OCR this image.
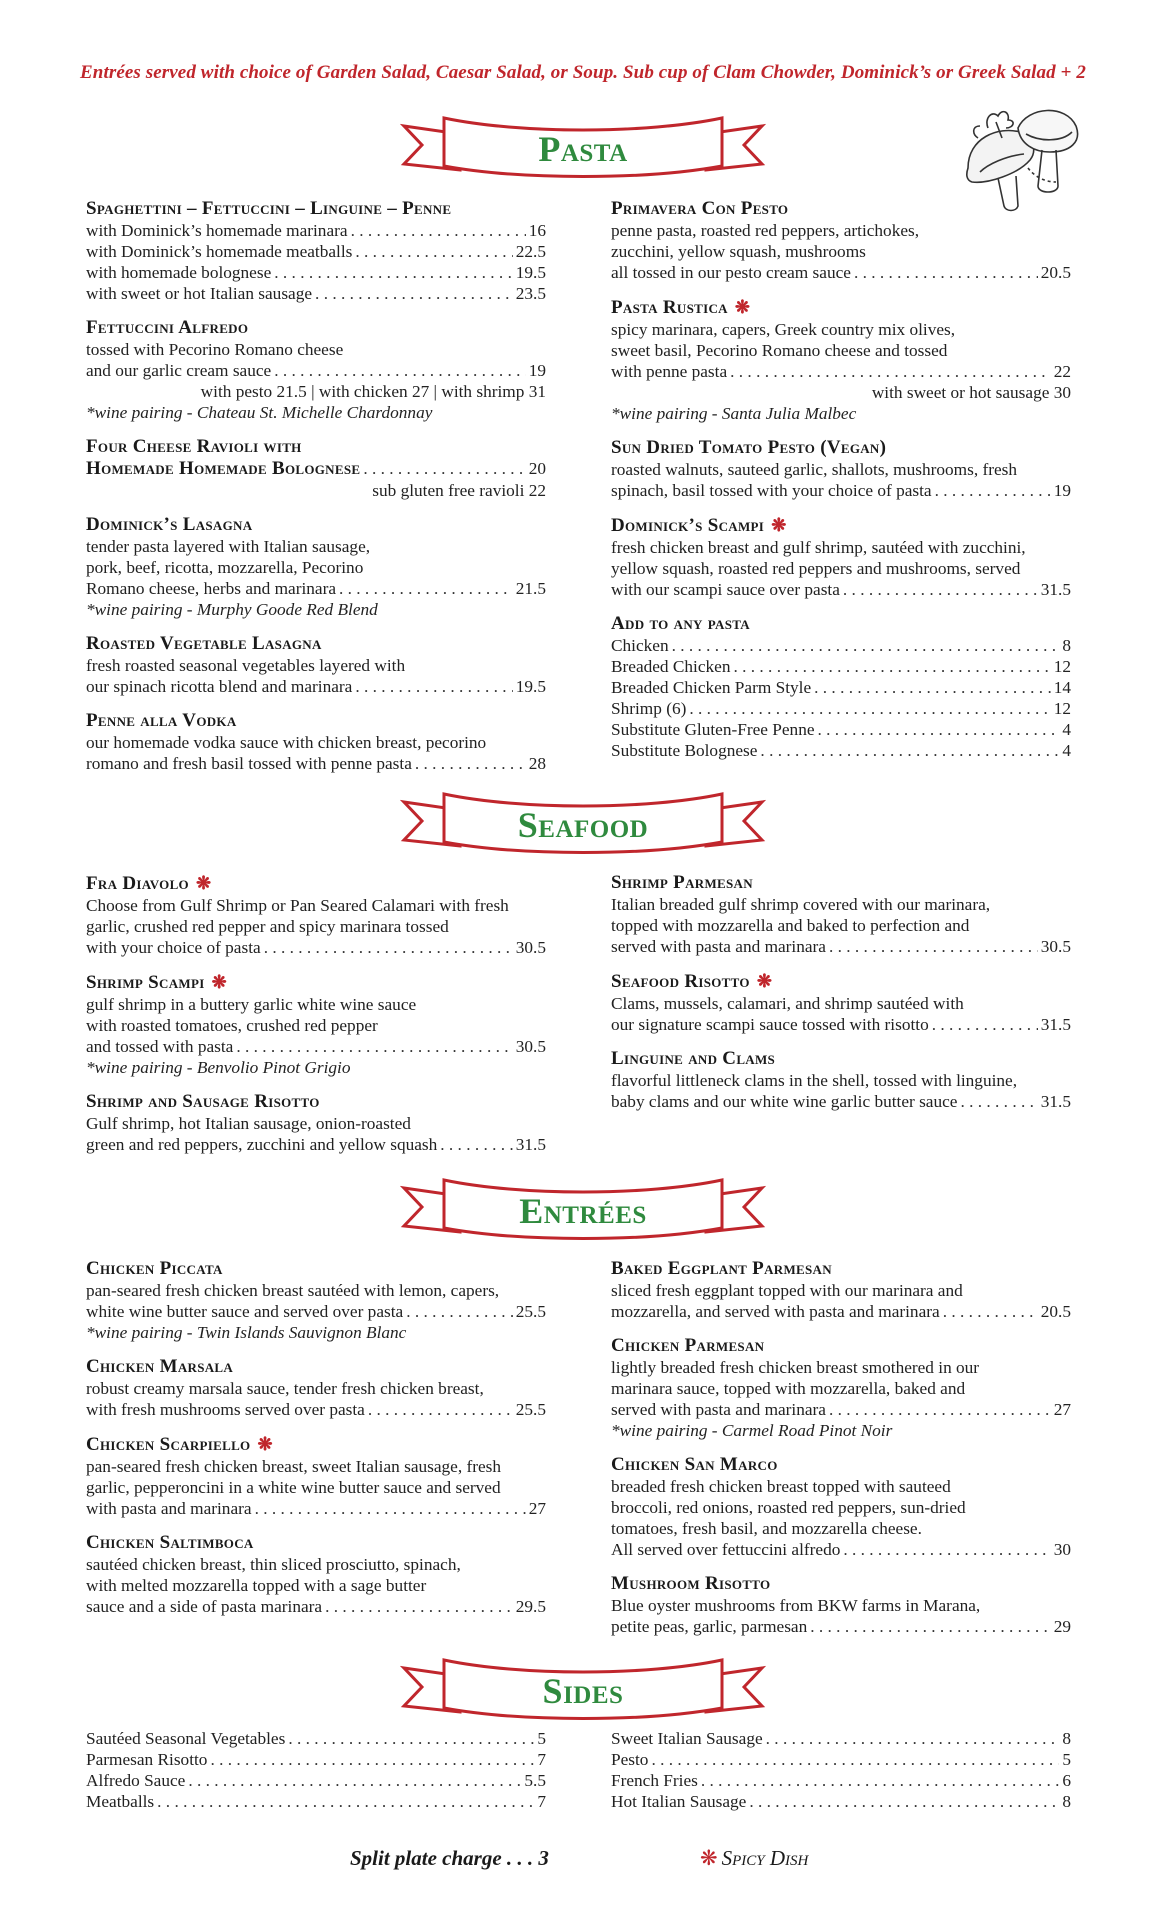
Entrées served with choice of Garden Salad, Caesar Salad, or Soup. Sub cup of Clam Chowder, Dominick’s or Greek Salad + 2
Pasta
Spaghettini – Fettuccini – Linguine – Penne
with Dominick’s homemade marinara . . .	16
with Dominick’s homemade meatballs . . .	22.5
with homemade bolognese . . .	19.5
with sweet or hot Italian sausage . . .	23.5
Fettuccini Alfredo
tossed with Pecorino Romano cheese
and our garlic cream sauce . . .	19
with pesto 21.5 | with chicken 27 | with shrimp 31
*wine pairing - Chateau St. Michelle Chardonnay
Four Cheese Ravioli with
Homemade Homemade Bolognese . . .	20
sub gluten free ravioli 22
Dominick’s Lasagna
tender pasta layered with Italian sausage,
pork, beef, ricotta, mozzarella, Pecorino
Romano cheese, herbs and marinara . . .	21.5
*wine pairing - Murphy Goode Red Blend
Roasted Vegetable Lasagna
fresh roasted seasonal vegetables layered with
our spinach ricotta blend and marinara . . .	19.5
Penne alla Vodka
our homemade vodka sauce with chicken breast, pecorino
romano and fresh basil tossed with penne pasta . . .	28
Primavera Con Pesto
penne pasta, roasted red peppers, artichokes,
zucchini, yellow squash, mushrooms
all tossed in our pesto cream sauce . . .	20.5
Pasta Rustica ❋
spicy marinara, capers, Greek country mix olives,
sweet basil, Pecorino Romano cheese and tossed
with penne pasta . . .	22
with sweet or hot sausage 30
*wine pairing - Santa Julia Malbec
Sun Dried Tomato Pesto (Vegan)
roasted walnuts, sauteed garlic, shallots, mushrooms, fresh
spinach, basil tossed with your choice of pasta . . .	19
Dominick’s Scampi ❋
fresh chicken breast and gulf shrimp, sautéed with zucchini,
yellow squash, roasted red peppers and mushrooms, served
with our scampi sauce over pasta . . .	31.5
Add to any pasta
Chicken . . .	8
Breaded Chicken . . .	12
Breaded Chicken Parm Style . . .	14
Shrimp (6) . . .	12
Substitute Gluten-Free Penne . . .	4
Substitute Bolognese . . .	4
Seafood
Fra Diavolo ❋
Choose from Gulf Shrimp or Pan Seared Calamari with fresh
garlic, crushed red pepper and spicy marinara tossed
with your choice of pasta . . .	30.5
Shrimp Scampi ❋
gulf shrimp in a buttery garlic white wine sauce
with roasted tomatoes, crushed red pepper
and tossed with pasta . . .	30.5
*wine pairing - Benvolio Pinot Grigio
Shrimp and Sausage Risotto
Gulf shrimp, hot Italian sausage, onion-roasted
green and red peppers, zucchini and yellow squash . . .	31.5
Shrimp Parmesan
Italian breaded gulf shrimp covered with our marinara,
topped with mozzarella and baked to perfection and
served with pasta and marinara . . .	30.5
Seafood Risotto ❋
Clams, mussels, calamari, and shrimp sautéed with
our signature scampi sauce tossed with risotto . . .	31.5
Linguine and Clams
flavorful littleneck clams in the shell, tossed with linguine,
baby clams and our white wine garlic butter sauce . . .	31.5
Entrées
Chicken Piccata
pan-seared fresh chicken breast sautéed with lemon, capers,
white wine butter sauce and served over pasta . . .	25.5
*wine pairing - Twin Islands Sauvignon Blanc
Chicken Marsala
robust creamy marsala sauce, tender fresh chicken breast,
with fresh mushrooms served over pasta . . .	25.5
Chicken Scarpiello ❋
pan-seared fresh chicken breast, sweet Italian sausage, fresh
garlic, pepperoncini in a white wine butter sauce and served
with pasta and marinara . . .	27
Chicken Saltimboca
sautéed chicken breast, thin sliced prosciutto, spinach,
with melted mozzarella topped with a sage butter
sauce and a side of pasta marinara . . .	29.5
Baked Eggplant Parmesan
sliced fresh eggplant topped with our marinara and
mozzarella, and served with pasta and marinara . . .	20.5
Chicken Parmesan
lightly breaded fresh chicken breast smothered in our
marinara sauce, topped with mozzarella, baked and
served with pasta and marinara . . .	27
*wine pairing - Carmel Road Pinot Noir
Chicken San Marco
breaded fresh chicken breast topped with sauteed
broccoli, red onions, roasted red peppers, sun-dried
tomatoes, fresh basil, and mozzarella cheese.
All served over fettuccini alfredo . . .	30
Mushroom Risotto
Blue oyster mushrooms from BKW farms in Marana,
petite peas, garlic, parmesan . . .	29
Sides
Sautéed Seasonal Vegetables . . .	5
Parmesan Risotto . . .	7
Alfredo Sauce . . .	5.5
Meatballs . . .	7
Sweet Italian Sausage . . .	8
Pesto . . .	5
French Fries . . .	6
Hot Italian Sausage . . .	8
Split plate charge . . . 3	❋ Spicy Dish
